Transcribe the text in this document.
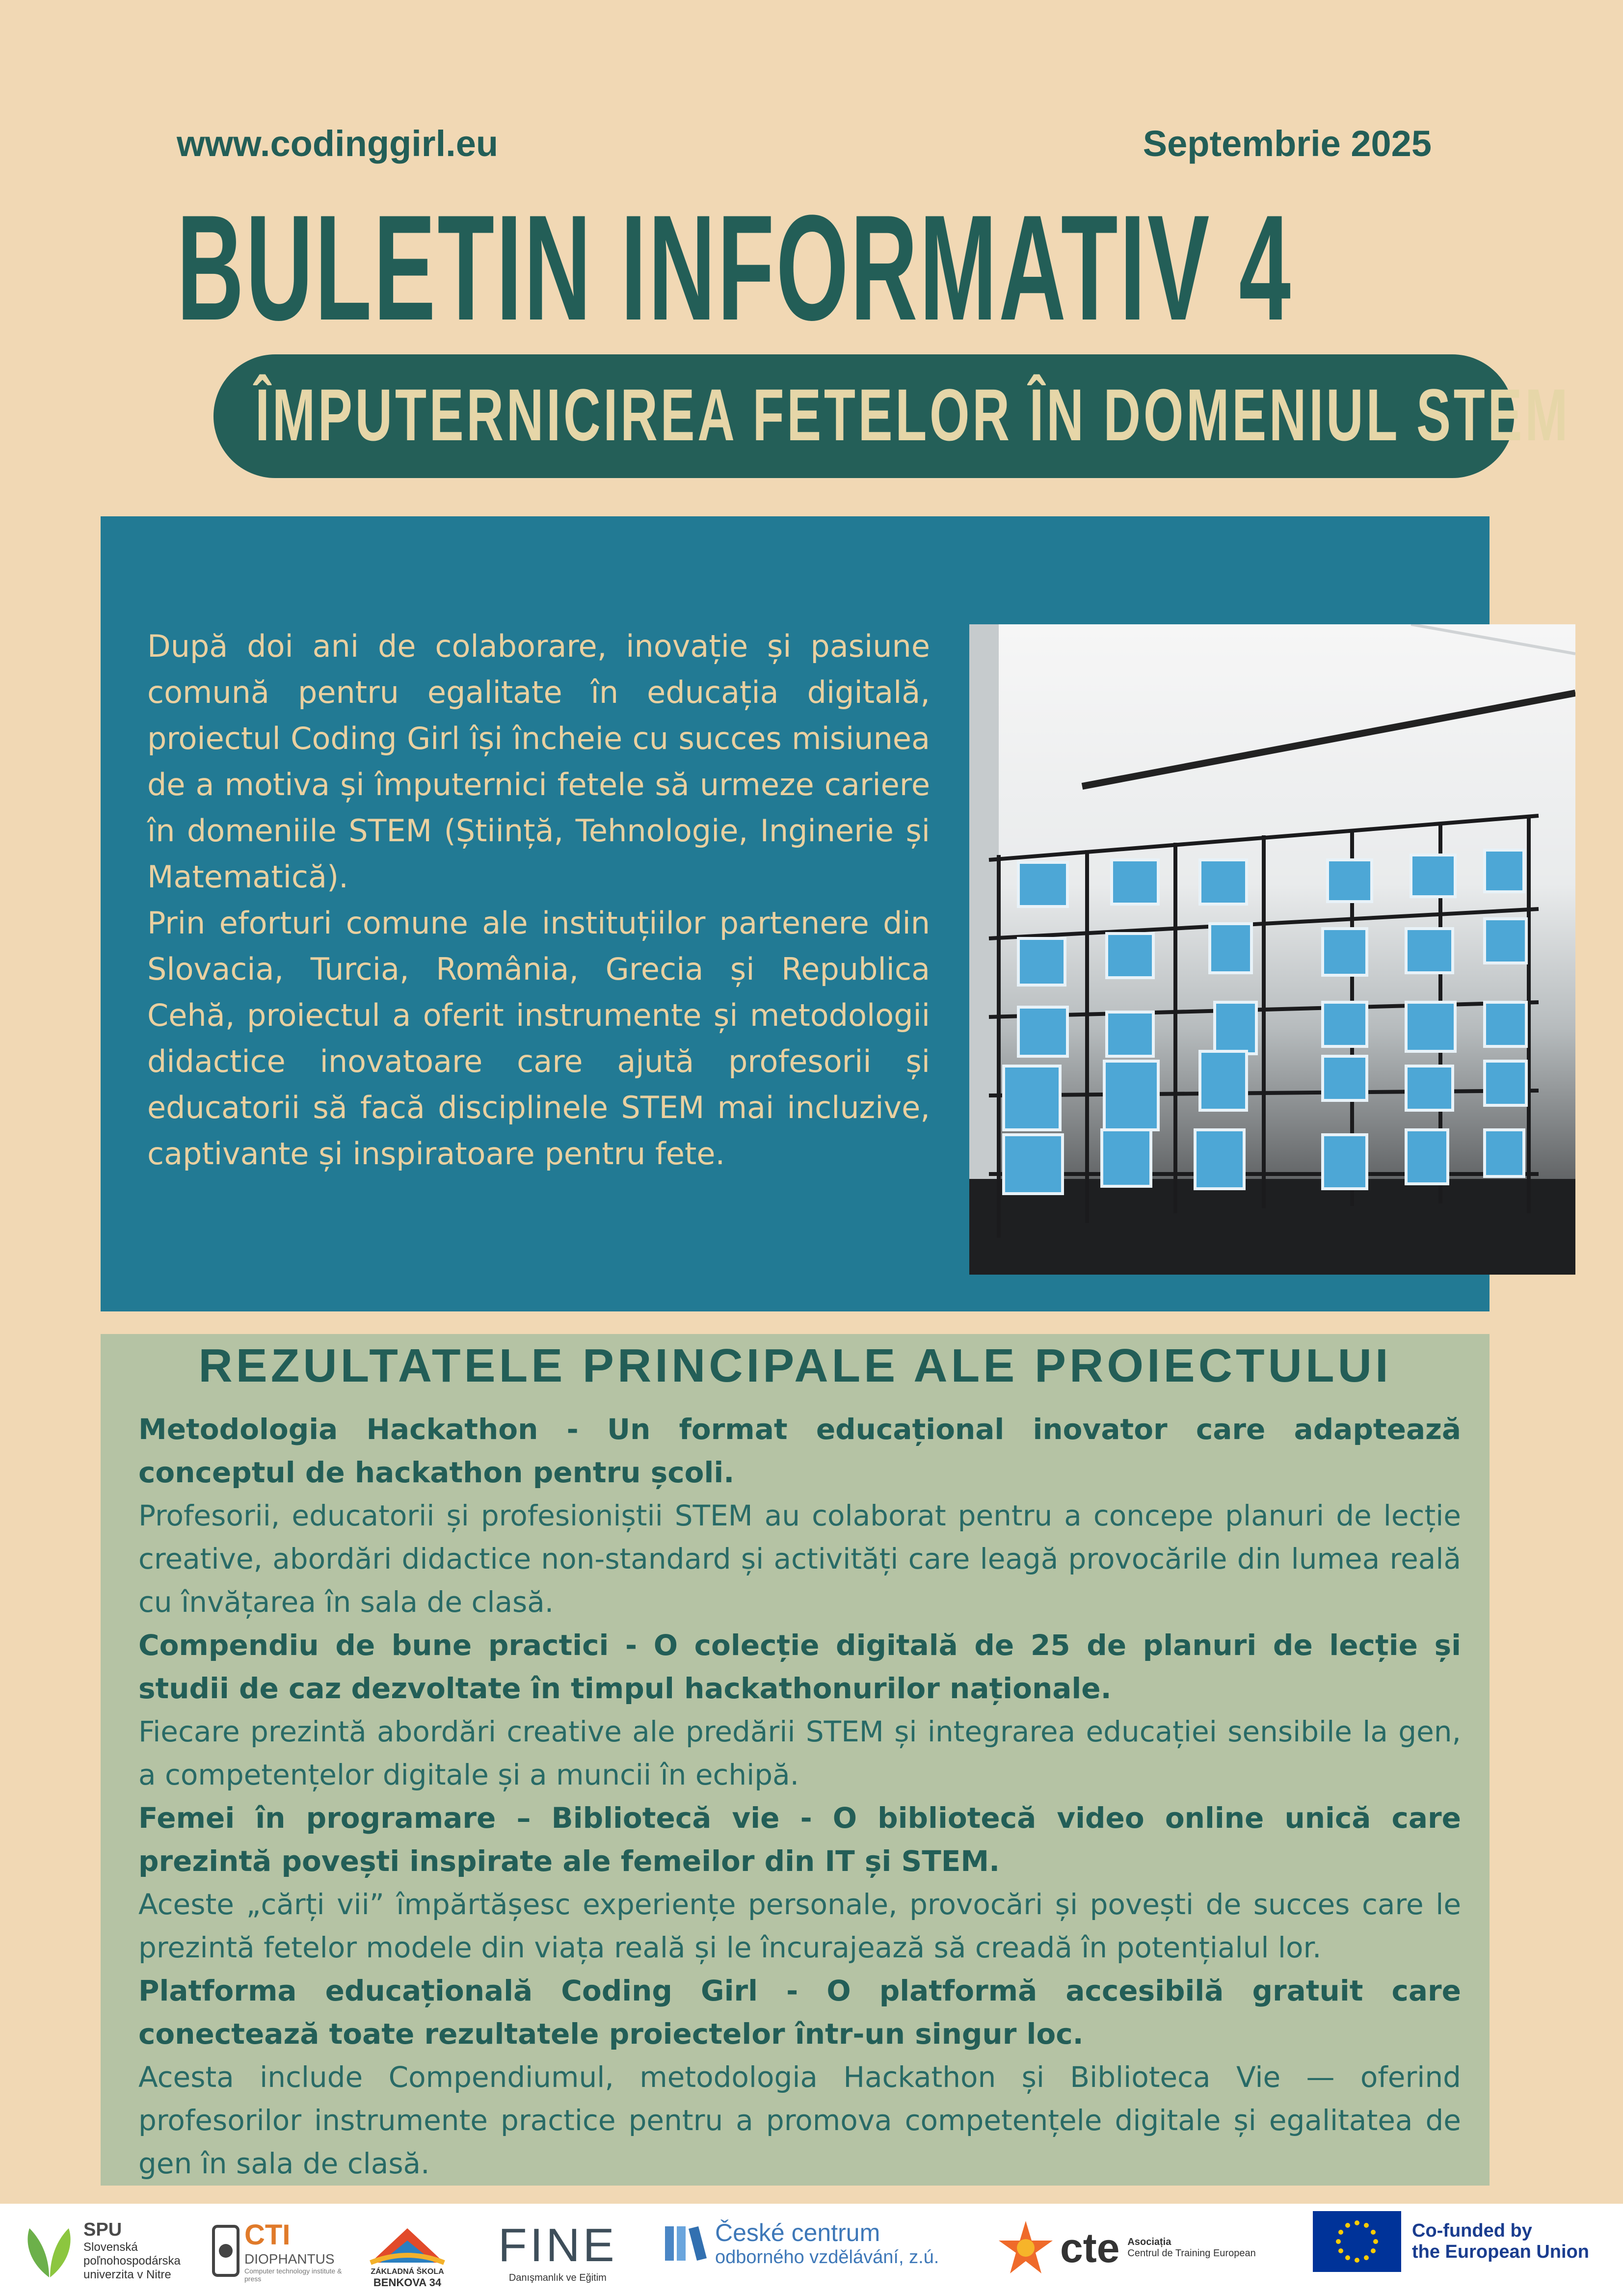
www.codinggirl.eu	Septembrie 2025
BULETIN INFORMATIV 4
ÎMPUTERNICIREA FETELOR ÎN DOMENIUL STEM

După doi ani de colaborare, inovație și pasiune comună pentru egalitate în educația digitală, proiectul Coding Girl își încheie cu succes misiunea de a motiva și împuternici fetele să urmeze cariere în domeniile STEM (Știință, Tehnologie, Inginerie și Matematică).

Prin eforturi comune ale instituțiilor partenere din Slovacia, Turcia, România, Grecia și Republica Cehă, proiectul a oferit instrumente și metodologii didactice inovatoare care ajută profesorii și educatorii să facă disciplinele STEM mai incluzive, captivante și inspiratoare pentru fete.

REZULTATELE PRINCIPALE ALE PROIECTULUI

Metodologia Hackathon - Un format educațional inovator care adaptează conceptul de hackathon pentru școli.

Profesorii, educatorii și profesioniștii STEM au colaborat pentru a concepe planuri de lecție creative, abordări didactice non-standard și activități care leagă provocările din lumea reală cu învățarea în sala de clasă.

Compendiu de bune practici - O colecție digitală de 25 de planuri de lecție și studii de caz dezvoltate în timpul hackathonurilor naționale.

Fiecare prezintă abordări creative ale predării STEM și integrarea educației sensibile la gen, a competențelor digitale și a muncii în echipă.

Femei în programare – Bibliotecă vie - O bibliotecă video online unică care prezintă povești inspirate ale femeilor din IT și STEM.

Aceste „cărți vii” împărtășesc experiențe personale, provocări și povești de succes care le prezintă fetelor modele din viața reală și le încurajează să creadă în potențialul lor.

Platforma educațională Coding Girl - O platformă accesibilă gratuit care conectează toate rezultatele proiectelor într-un singur loc.

Acesta include Compendiumul, metodologia Hackathon și Biblioteca Vie — oferind profesorilor instrumente practice pentru a promova competențele digitale și egalitatea de gen în sala de clasă.

SPU
Slovenská
poľnohospodárska
univerzita v Nitre
CTI
DIOPHANTUS
Computer technology institute & press
ZÁKLADNÁ ŠKOLA
BENKOVA 34
FINE
Danışmanlık ve Eğitim
České centrum
odborného vzdělávání, z.ú.	cte Asociația
Centrul de Training European
Co-funded by
the European Union
